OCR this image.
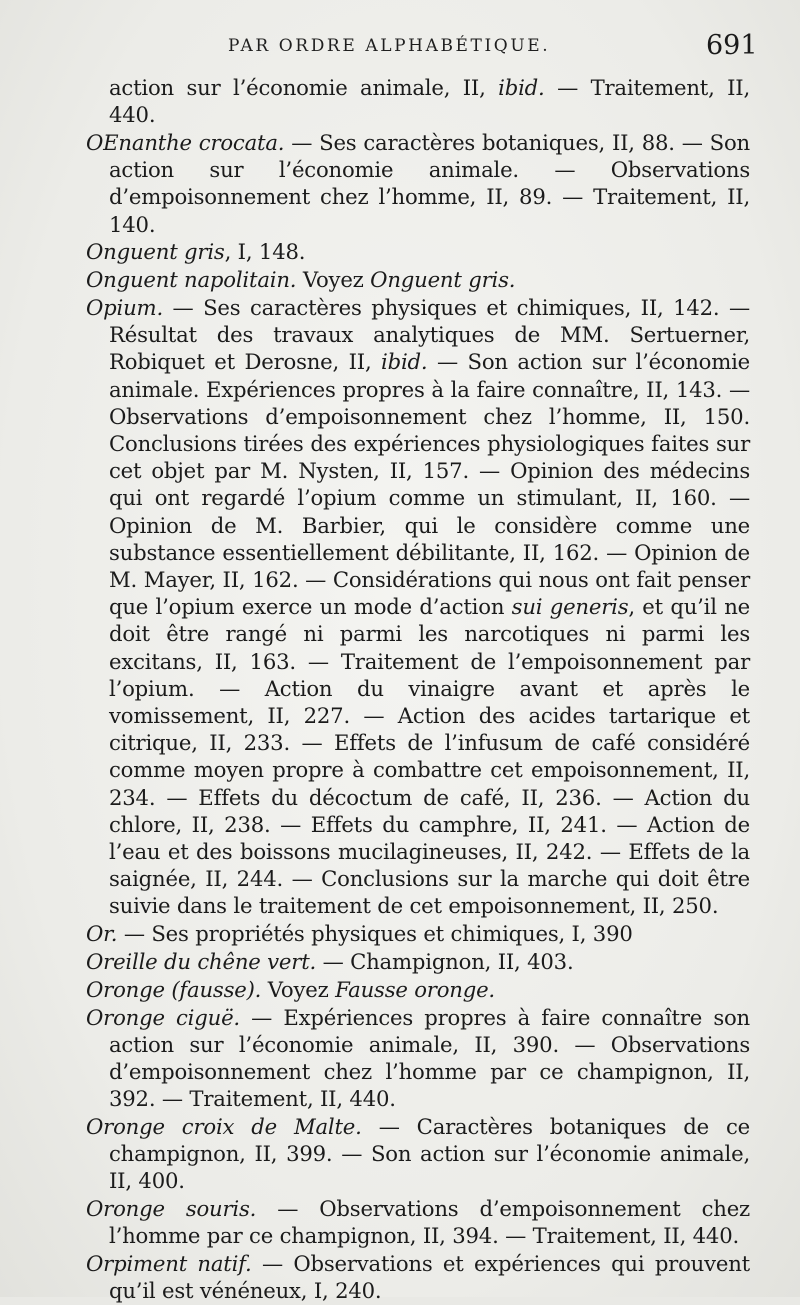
PAR ORDRE ALPHABÉTIQUE.	691

action sur l’économie animale, II, ibid. — Traitement, II, 440.

OEnanthe crocata. — Ses caractères botaniques, II, 88. — Son action sur l’économie animale. — Observations d’empoisonnement chez l’homme, II, 89. — Traitement, II, 140.

Onguent gris, I, 148.

Onguent napolitain. Voyez Onguent gris.

Opium. — Ses caractères physiques et chimiques, II, 142. — Résultat des travaux analytiques de MM. Sertuerner, Robiquet et Derosne, II, ibid. — Son action sur l’économie animale. Expériences propres à la faire connaître, II, 143. — Observations d’empoisonnement chez l’homme, II, 150. Conclusions tirées des expériences physiologiques faites sur cet objet par M. Nysten, II, 157. — Opinion des médecins qui ont regardé l’opium comme un stimulant, II, 160. — Opinion de M. Barbier, qui le considère comme une substance essentiellement débilitante, II, 162. — Opinion de M. Mayer, II, 162. — Considérations qui nous ont fait penser que l’opium exerce un mode d’action sui generis, et qu’il ne doit être rangé ni parmi les narcotiques ni parmi les excitans, II, 163. — Traitement de l’empoisonnement par l’opium. — Action du vinaigre avant et après le vomissement, II, 227. — Action des acides tartarique et citrique, II, 233. — Effets de l’infusum de café considéré comme moyen propre à combattre cet empoisonnement, II, 234. — Effets du décoctum de café, II, 236. — Action du chlore, II, 238. — Effets du camphre, II, 241. — Action de l’eau et des boissons mucilagineuses, II, 242. — Effets de la saignée, II, 244. — Conclusions sur la marche qui doit être suivie dans le traitement de cet empoisonnement, II, 250.

Or. — Ses propriétés physiques et chimiques, I, 390

Oreille du chêne vert. — Champignon, II, 403.

Oronge (fausse). Voyez Fausse oronge.

Oronge ciguë. — Expériences propres à faire connaître son action sur l’économie animale, II, 390. — Observations d’empoisonnement chez l’homme par ce champignon, II, 392. — Traitement, II, 440.

Oronge croix de Malte. — Caractères botaniques de ce champignon, II, 399. — Son action sur l’économie animale, II, 400.

Oronge souris. — Observations d’empoisonnement chez l’homme par ce champignon, II, 394. — Traitement, II, 440.

Orpiment natif. — Observations et expériences qui prouvent qu’il est vénéneux, I, 240.
